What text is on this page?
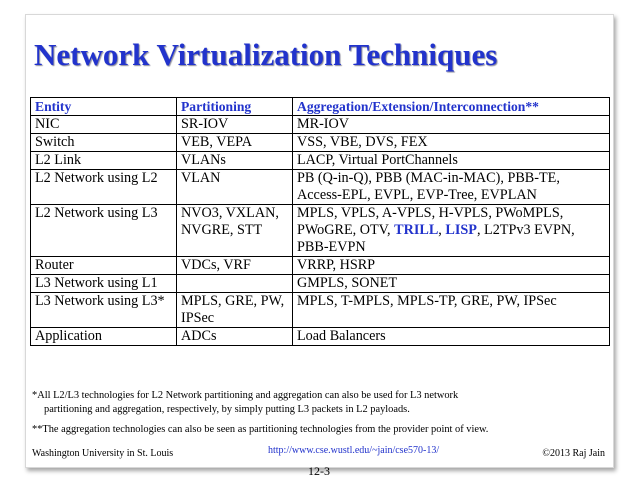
Network Virtualization Techniques
Entity	Partitioning	Aggregation/Extension/Interconnection**
NIC	SR-IOV	MR-IOV
Switch	VEB, VEPA	VSS, VBE, DVS, FEX
L2 Link	VLANs	LACP, Virtual PortChannels
L2 Network using L2	VLAN	PB (Q-in-Q), PBB (MAC-in-MAC), PBB-TE, Access-EPL, EVPL, EVP-Tree, EVPLAN
L2 Network using L3	NVO3, VXLAN, NVGRE, STT	MPLS, VPLS, A-VPLS, H-VPLS, PWoMPLS, PWoGRE, OTV, TRILL, LISP, L2TPv3 EVPN, PBB-EVPN
Router	VDCs, VRF	VRRP, HSRP
L3 Network using L1		GMPLS, SONET
L3 Network using L3*	MPLS, GRE, PW, IPSec	MPLS, T-MPLS, MPLS-TP, GRE, PW, IPSec
Application	ADCs	Load Balancers

*All L2/L3 technologies for L2 Network partitioning and aggregation can also be used for L3 network

partitioning and aggregation, respectively, by simply putting L3 packets in L2 payloads.

**The aggregation technologies can also be seen as partitioning technologies from the provider point of view.

Washington University in St. Louis	http://www.cse.wustl.edu/~jain/cse570-13/	©2013 Raj Jain
12-3
